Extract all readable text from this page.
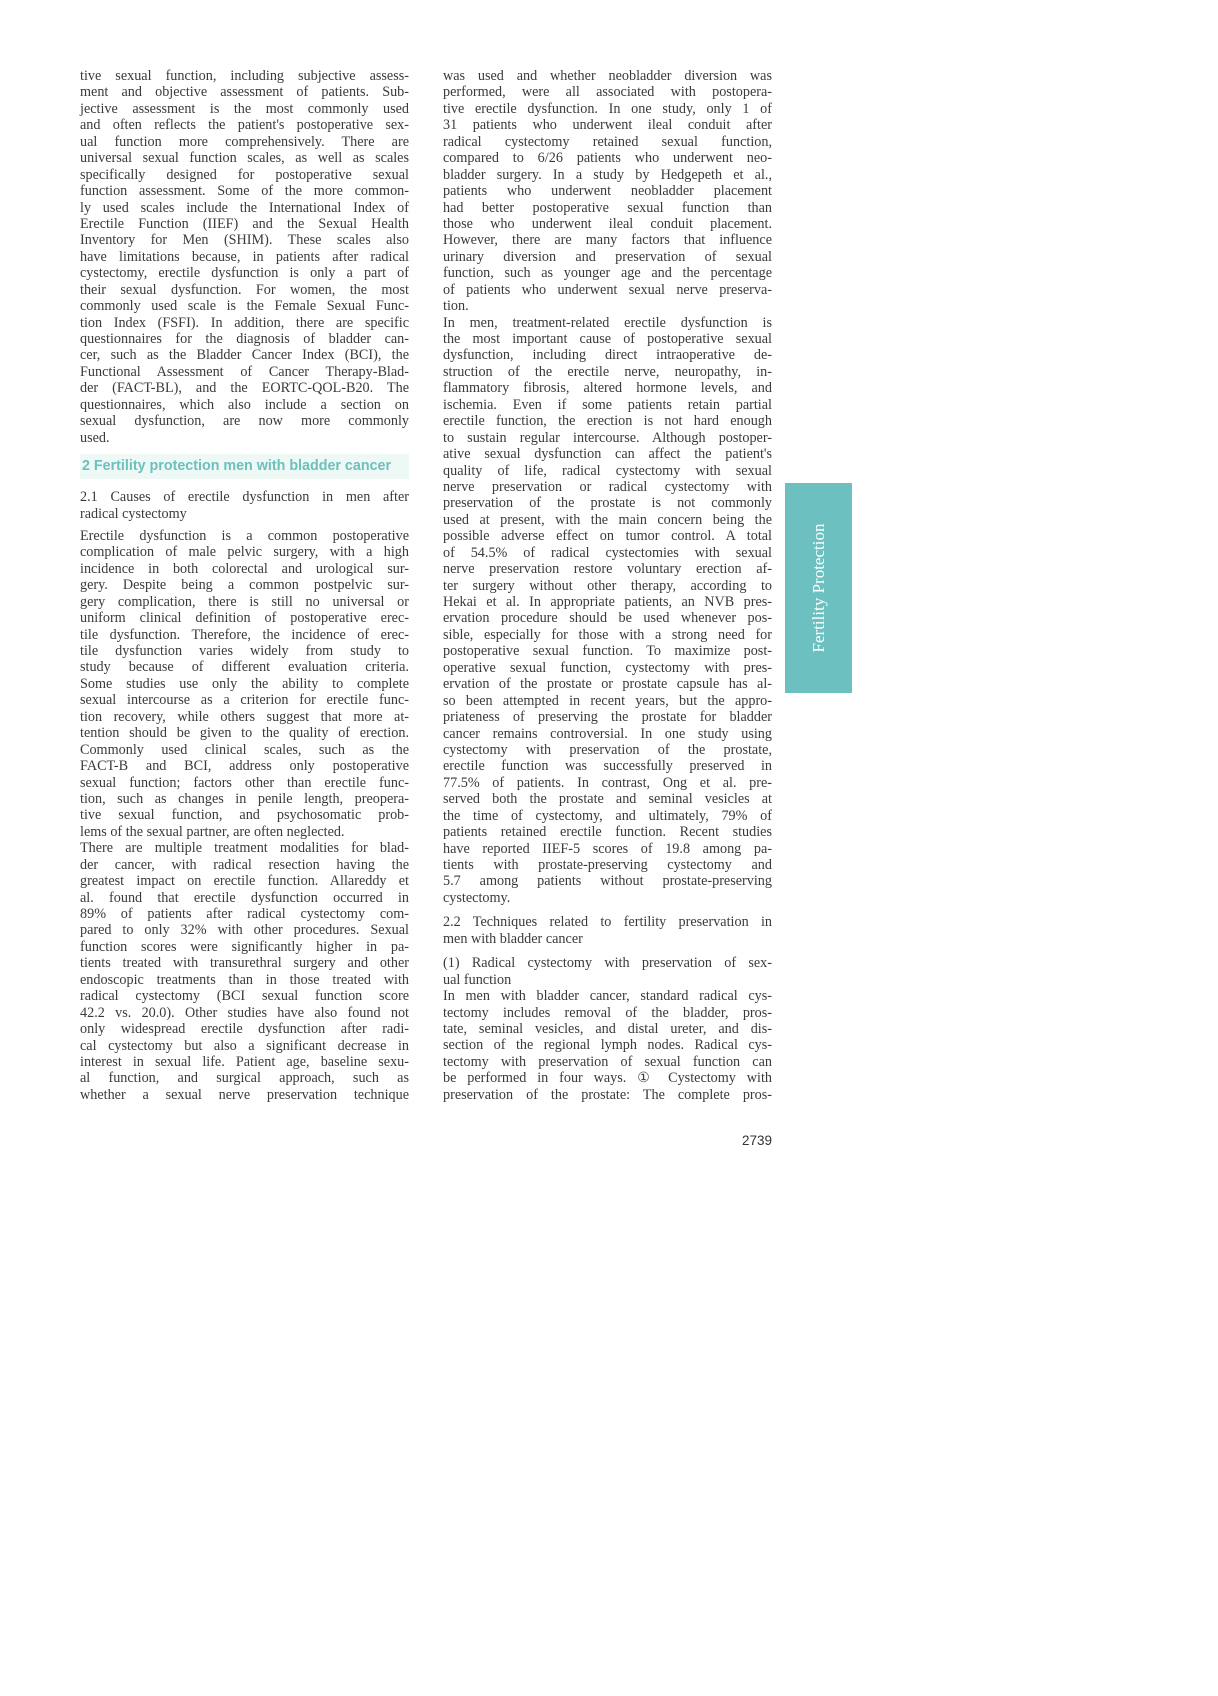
tive sexual function, including subjective assess-
ment and objective assessment of patients. Sub-
jective assessment is the most commonly used
and often reflects the patient's postoperative sex-
ual function more comprehensively. There are
universal sexual function scales, as well as scales
specifically designed for postoperative sexual
function assessment. Some of the more common-
ly used scales include the International Index of
Erectile Function (IIEF) and the Sexual Health
Inventory for Men (SHIM). These scales also
have limitations because, in patients after radical
cystectomy, erectile dysfunction is only a part of
their sexual dysfunction. For women, the most
commonly used scale is the Female Sexual Func-
tion Index (FSFI). In addition, there are specific
questionnaires for the diagnosis of bladder can-
cer, such as the Bladder Cancer Index (BCI), the
Functional Assessment of Cancer Therapy-Blad-
der (FACT-BL), and the EORTC-QOL-B20. The
questionnaires, which also include a section on
sexual dysfunction, are now more commonly
used.
2 Fertility protection men with bladder cancer
2.1 Causes of erectile dysfunction in men after
radical cystectomy
Erectile dysfunction is a common postoperative
complication of male pelvic surgery, with a high
incidence in both colorectal and urological sur-
gery. Despite being a common postpelvic sur-
gery complication, there is still no universal or
uniform clinical definition of postoperative erec-
tile dysfunction. Therefore, the incidence of erec-
tile dysfunction varies widely from study to
study because of different evaluation criteria.
Some studies use only the ability to complete
sexual intercourse as a criterion for erectile func-
tion recovery, while others suggest that more at-
tention should be given to the quality of erection.
Commonly used clinical scales, such as the
FACT-B and BCI, address only postoperative
sexual function; factors other than erectile func-
tion, such as changes in penile length, preopera-
tive sexual function, and psychosomatic prob-
lems of the sexual partner, are often neglected.
There are multiple treatment modalities for blad-
der cancer, with radical resection having the
greatest impact on erectile function. Allareddy et
al. found that erectile dysfunction occurred in
89% of patients after radical cystectomy com-
pared to only 32% with other procedures. Sexual
function scores were significantly higher in pa-
tients treated with transurethral surgery and other
endoscopic treatments than in those treated with
radical cystectomy (BCI sexual function score
42.2 vs. 20.0). Other studies have also found not
only widespread erectile dysfunction after radi-
cal cystectomy but also a significant decrease in
interest in sexual life. Patient age, baseline sexu-
al function, and surgical approach, such as
whether a sexual nerve preservation technique
was used and whether neobladder diversion was
performed, were all associated with postopera-
tive erectile dysfunction. In one study, only 1 of
31 patients who underwent ileal conduit after
radical cystectomy retained sexual function,
compared to 6/26 patients who underwent neo-
bladder surgery. In a study by Hedgepeth et al.,
patients who underwent neobladder placement
had better postoperative sexual function than
those who underwent ileal conduit placement.
However, there are many factors that influence
urinary diversion and preservation of sexual
function, such as younger age and the percentage
of patients who underwent sexual nerve preserva-
tion.
In men, treatment-related erectile dysfunction is
the most important cause of postoperative sexual
dysfunction, including direct intraoperative de-
struction of the erectile nerve, neuropathy, in-
flammatory fibrosis, altered hormone levels, and
ischemia. Even if some patients retain partial
erectile function, the erection is not hard enough
to sustain regular intercourse. Although postoper-
ative sexual dysfunction can affect the patient's
quality of life, radical cystectomy with sexual
nerve preservation or radical cystectomy with
preservation of the prostate is not commonly
used at present, with the main concern being the
possible adverse effect on tumor control. A total
of 54.5% of radical cystectomies with sexual
nerve preservation restore voluntary erection af-
ter surgery without other therapy, according to
Hekai et al. In appropriate patients, an NVB pres-
ervation procedure should be used whenever pos-
sible, especially for those with a strong need for
postoperative sexual function. To maximize post-
operative sexual function, cystectomy with pres-
ervation of the prostate or prostate capsule has al-
so been attempted in recent years, but the appro-
priateness of preserving the prostate for bladder
cancer remains controversial. In one study using
cystectomy with preservation of the prostate,
erectile function was successfully preserved in
77.5% of patients. In contrast, Ong et al. pre-
served both the prostate and seminal vesicles at
the time of cystectomy, and ultimately, 79% of
patients retained erectile function. Recent studies
have reported IIEF-5 scores of 19.8 among pa-
tients with prostate-preserving cystectomy and
5.7 among patients without prostate-preserving
cystectomy.
2.2 Techniques related to fertility preservation in
men with bladder cancer
(1) Radical cystectomy with preservation of sex-
ual function
In men with bladder cancer, standard radical cys-
tectomy includes removal of the bladder, pros-
tate, seminal vesicles, and distal ureter, and dis-
section of the regional lymph nodes. Radical cys-
tectomy with preservation of sexual function can
be performed in four ways. ① Cystectomy with
preservation of the prostate: The complete pros-
Fertility Protection
2739
